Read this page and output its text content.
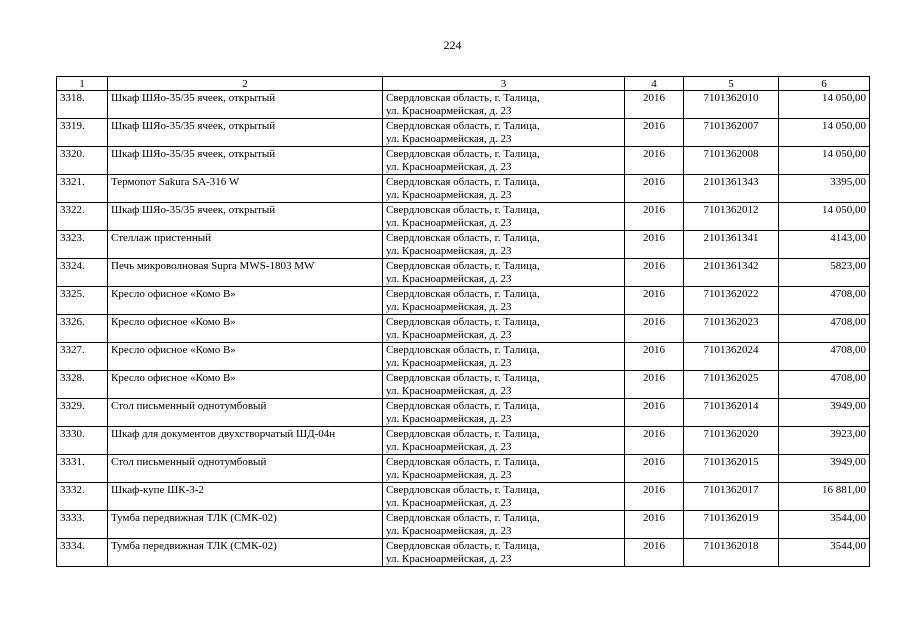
224
1	2	3	4	5	6
3318.	Шкаф ШЯо-35/35 ячеек, открытый	Свердловская область, г. Талица,
ул. Красноармейская, д. 23	2016	7101362010	14 050,00
3319.	Шкаф ШЯо-35/35 ячеек, открытый	Свердловская область, г. Талица,
ул. Красноармейская, д. 23	2016	7101362007	14 050,00
3320.	Шкаф ШЯо-35/35 ячеек, открытый	Свердловская область, г. Талица,
ул. Красноармейская, д. 23	2016	7101362008	14 050,00
3321.	Термопот Sakura SA-316 W	Свердловская область, г. Талица,
ул. Красноармейская, д. 23	2016	2101361343	3395,00
3322.	Шкаф ШЯо-35/35 ячеек, открытый	Свердловская область, г. Талица,
ул. Красноармейская, д. 23	2016	7101362012	14 050,00
3323.	Стеллаж пристенный	Свердловская область, г. Талица,
ул. Красноармейская, д. 23	2016	2101361341	4143,00
3324.	Печь микроволновая Supra MWS-1803 MW	Свердловская область, г. Талица,
ул. Красноармейская, д. 23	2016	2101361342	5823,00
3325.	Кресло офисное «Комо В»	Свердловская область, г. Талица,
ул. Красноармейская, д. 23	2016	7101362022	4708,00
3326.	Кресло офисное «Комо В»	Свердловская область, г. Талица,
ул. Красноармейская, д. 23	2016	7101362023	4708,00
3327.	Кресло офисное «Комо В»	Свердловская область, г. Талица,
ул. Красноармейская, д. 23	2016	7101362024	4708,00
3328.	Кресло офисное «Комо В»	Свердловская область, г. Талица,
ул. Красноармейская, д. 23	2016	7101362025	4708,00
3329.	Стол письменный однотумбовый	Свердловская область, г. Талица,
ул. Красноармейская, д. 23	2016	7101362014	3949,00
3330.	Шкаф для документов двухстворчатый ШД-04н	Свердловская область, г. Талица,
ул. Красноармейская, д. 23	2016	7101362020	3923,00
3331.	Стол письменный однотумбовый	Свердловская область, г. Талица,
ул. Красноармейская, д. 23	2016	7101362015	3949,00
3332.	Шкаф-купе ШК-3-2	Свердловская область, г. Талица,
ул. Красноармейская, д. 23	2016	7101362017	16 881,00
3333.	Тумба передвижная ТЛК (СМК-02)	Свердловская область, г. Талица,
ул. Красноармейская, д. 23	2016	7101362019	3544,00
3334.	Тумба передвижная ТЛК (СМК-02)	Свердловская область, г. Талица,
ул. Красноармейская, д. 23	2016	7101362018	3544,00
